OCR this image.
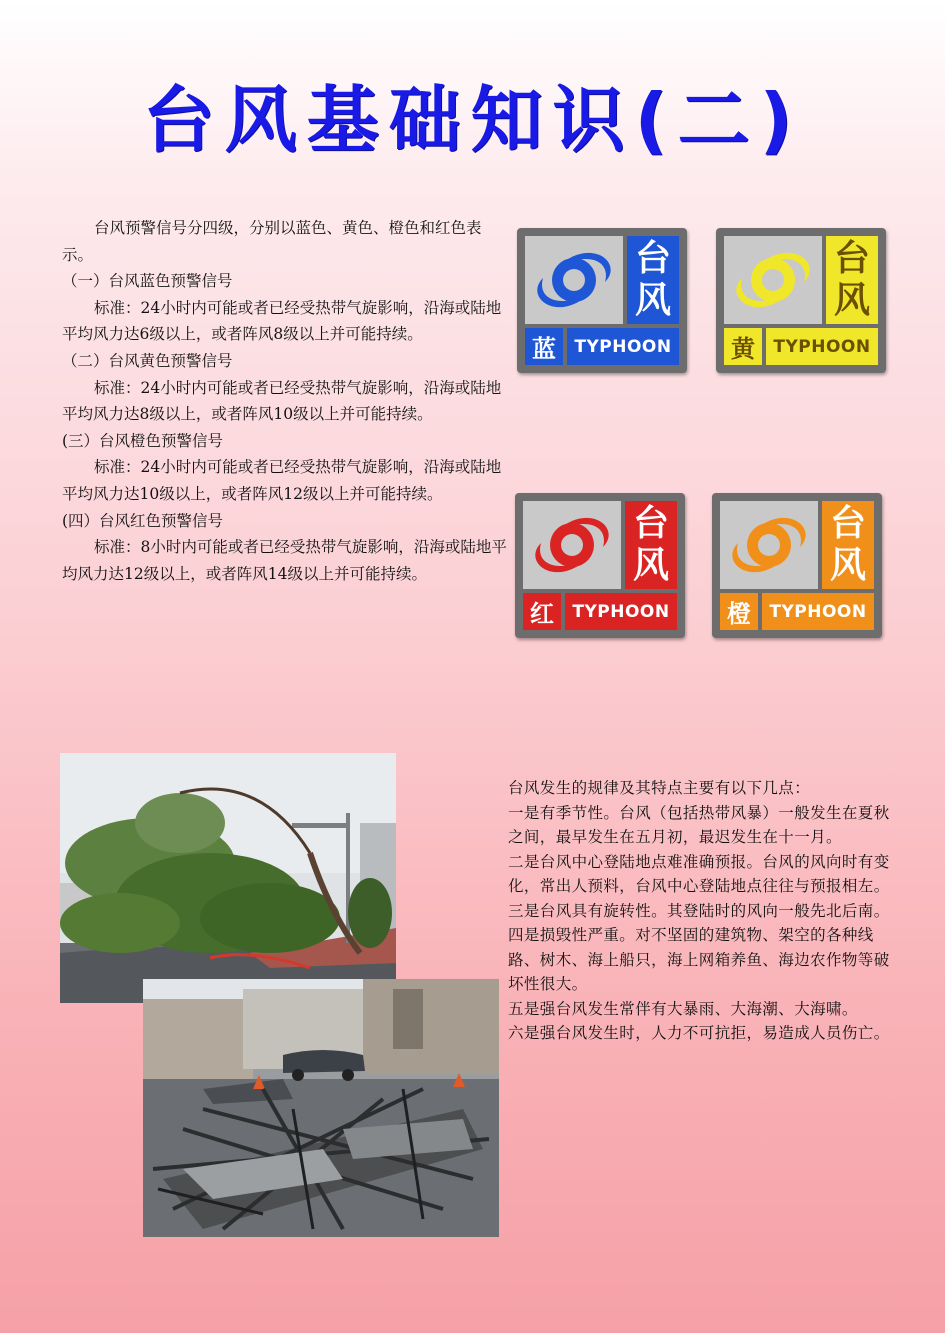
台风基础知识(二)

台风预警信号分四级，分别以蓝色、黄色、橙色和红色表示。

（一）台风蓝色预警信号

标准：24小时内可能或者已经受热带气旋影响，沿海或陆地平均风力达6级以上，或者阵风8级以上并可能持续。

（二）台风黄色预警信号

标准：24小时内可能或者已经受热带气旋影响，沿海或陆地平均风力达8级以上，或者阵风10级以上并可能持续。

(三）台风橙色预警信号

标准：24小时内可能或者已经受热带气旋影响，沿海或陆地平均风力达10级以上，或者阵风12级以上并可能持续。

(四）台风红色预警信号

标准：8小时内可能或者已经受热带气旋影响，沿海或陆地平均风力达12级以上，或者阵风14级以上并可能持续。

台
风
蓝	TYPHOON
台
风
黄	TYPHOON
台
风
红	TYPHOON
台
风
橙	TYPHOON

台风发生的规律及其特点主要有以下几点：

一是有季节性。台风（包括热带风暴）一般发生在夏秋之间，最早发生在五月初，最迟发生在十一月。

二是台风中心登陆地点难准确预报。台风的风向时有变化，常出人预料，台风中心登陆地点往往与预报相左。

三是台风具有旋转性。其登陆时的风向一般先北后南。

四是损毁性严重。对不坚固的建筑物、架空的各种线路、树木、海上船只，海上网箱养鱼、海边农作物等破坏性很大。

五是强台风发生常伴有大暴雨、大海潮、大海啸。

六是强台风发生时，人力不可抗拒，易造成人员伤亡。
